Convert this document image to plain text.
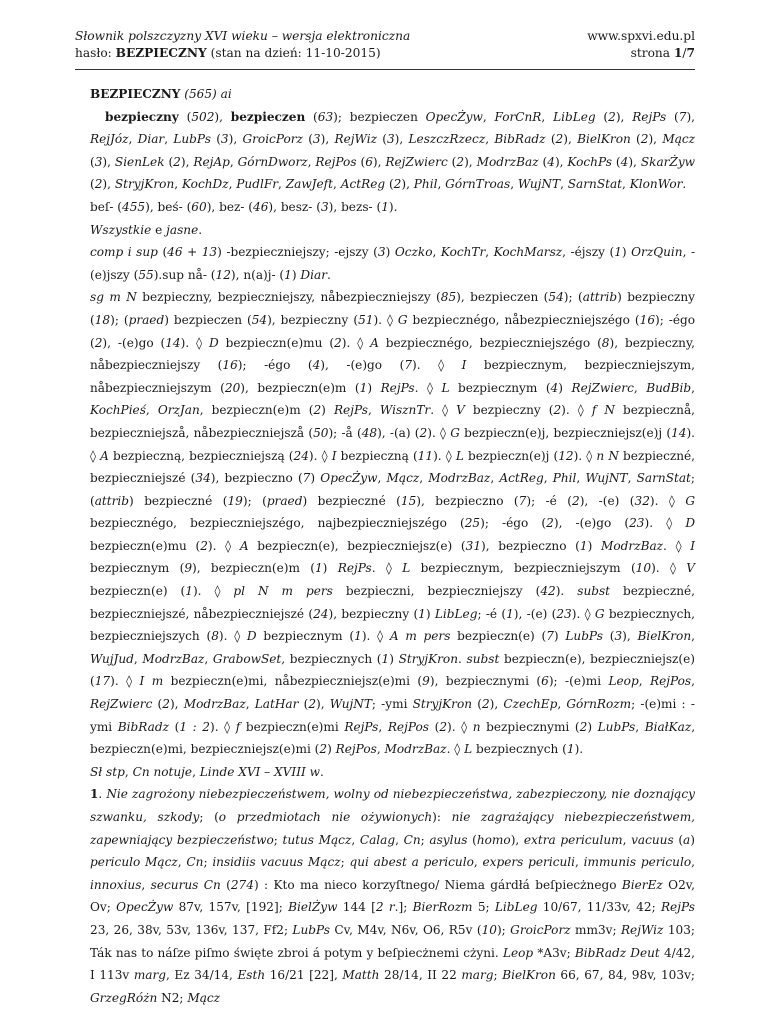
Słownik polszczyzny XVI wieku – wersja elektroniczna
hasło: BEZPIECZNY (stan na dzień: 11-10-2015)
www.spxvi.edu.pl
strona 1/7

BEZPIECZNY (565) ai

bezpieczny (502), bezpieczen (63); bezpieczen OpecŻyw, ForCnR, LibLeg (2), RejPs (7), RejJóz, Diar, LubPs (3), GroicPorz (3), RejWiz (3), LeszczRzecz, BibRadz (2), BielKron (2), Mącz (3), SienLek (2), RejAp, GórnDworz, RejPos (6), RejZwierc (2), ModrzBaz (4), KochPs (4), SkarŻyw (2), StryjKron, KochDz, PudlFr, ZawJeft, ActReg (2), Phil, GórnTroas, WujNT, SarnStat, KlonWor.

beſ- (455), beś- (60), bez- (46), besz- (3), bezs- (1).

Wszystkie e jasne.

comp i sup (46 + 13) -bezpieczniejszy; -ejszy (3) Oczko, KochTr, KochMarsz, -éjszy (1) OrzQuin, -(e)jszy (55).sup nå- (12), n(a)j- (1) Diar.

sg m N bezpieczny, bezpieczniejszy, nåbezpieczniejszy (85), bezpieczen (54); (attrib) bezpieczny (18); (praed) bezpieczen (54), bezpieczny (51). ◊ G bezpiecznégo, nåbezpieczniejszégo (16); -égo (2), -(e)go (14). ◊ D bezpieczn(e)mu (2). ◊ A bezpiecznégo, bezpieczniejszégo (8), bezpieczny, nåbezpieczniejszy (16); -égo (4), -(e)go (7). ◊ I bezpiecznym, bezpieczniejszym, nåbezpieczniejszym (20), bezpieczn(e)m (1) RejPs. ◊ L bezpiecznym (4) RejZwierc, BudBib, KochPieś, OrzJan, bezpieczn(e)m (2) RejPs, WisznTr. ◊ V bezpieczny (2). ◊ f N bezpiecznå, bezpieczniejszå, nåbezpieczniejszå (50); -å (48), -(a) (2). ◊ G bezpieczn(e)j, bezpieczniejsz(e)j (14). ◊ A bezpieczną, bezpieczniejszą (24). ◊ I bezpieczną (11). ◊ L bezpieczn(e)j (12). ◊ n N bezpieczné, bezpieczniejszé (34), bezpieczno (7) OpecŻyw, Mącz, ModrzBaz, ActReg, Phil, WujNT, SarnStat; (attrib) bezpieczné (19); (praed) bezpieczné (15), bezpieczno (7); -é (2), -(e) (32). ◊ G bezpiecznégo, bezpieczniejszégo, najbezpieczniejszégo (25); -égo (2), -(e)go (23). ◊ D bezpieczn(e)mu (2). ◊ A bezpieczn(e), bezpieczniejsz(e) (31), bezpieczno (1) ModrzBaz. ◊ I bezpiecznym (9), bezpieczn(e)m (1) RejPs. ◊ L bezpiecznym, bezpieczniejszym (10). ◊ V bezpieczn(e) (1). ◊ pl N m pers bezpieczni, bezpieczniejszy (42). subst bezpieczné, bezpieczniejszé, nåbezpieczniejszé (24), bezpieczny (1) LibLeg; -é (1), -(e) (23). ◊ G bezpiecznych, bezpieczniejszych (8). ◊ D bezpiecznym (1). ◊ A m pers bezpieczn(e) (7) LubPs (3), BielKron, WujJud, ModrzBaz, GrabowSet, bezpiecznych (1) StryjKron. subst bezpieczn(e), bezpieczniejsz(e) (17). ◊ I m bezpieczn(e)mi, nåbezpieczniejsz(e)mi (9), bezpiecznymi (6); -(e)mi Leop, RejPos, RejZwierc (2), ModrzBaz, LatHar (2), WujNT; -ymi StryjKron (2), CzechEp, GórnRozm; -(e)mi : -ymi BibRadz (1 : 2). ◊ f bezpieczn(e)mi RejPs, RejPos (2). ◊ n bezpiecznymi (2) LubPs, BiałKaz, bezpieczn(e)mi, bezpieczniejsz(e)mi (2) RejPos, ModrzBaz. ◊ L bezpiecznych (1).

Sł stp, Cn notuje, Linde XVI – XVIII w.

1. Nie zagrożony niebezpieczeństwem, wolny od niebezpieczeństwa, zabezpieczony, nie doznający szwanku, szkody; (o przedmiotach nie ożywionych): nie zagrażający niebezpieczeństwem, zapewniający bezpieczeństwo; tutus Mącz, Calag, Cn; asylus (homo), extra periculum, vacuus (a) periculo Mącz, Cn; insidiis vacuus Mącz; qui abest a periculo, expers periculi, immunis periculo, innoxius, securus Cn (274) : Kto ma nieco korzyſtnego/ Niema gárdłá beſpiecżnego BierEz O2v, Ov; OpecŻyw 87v, 157v, [192]; BielŻyw 144 [2 r.]; BierRozm 5; LibLeg 10/67, 11/33v, 42; RejPs 23, 26, 38v, 53v, 136v, 137, Ff2; LubPs Cv, M4v, N6v, O6, R5v (10); GroicPorz mm3v; RejWiz 103; Ták nas to náſze piſmo święte zbroi á potym y beſpiecżnemi cżyni. Leop *A3v; BibRadz Deut 4/42, I 113v marg, Ez 34/14, Esth 16/21 [22], Matth 28/14, II 22 marg; BielKron 66, 67, 84, 98v, 103v; GrzegRóżn N2; Mącz
